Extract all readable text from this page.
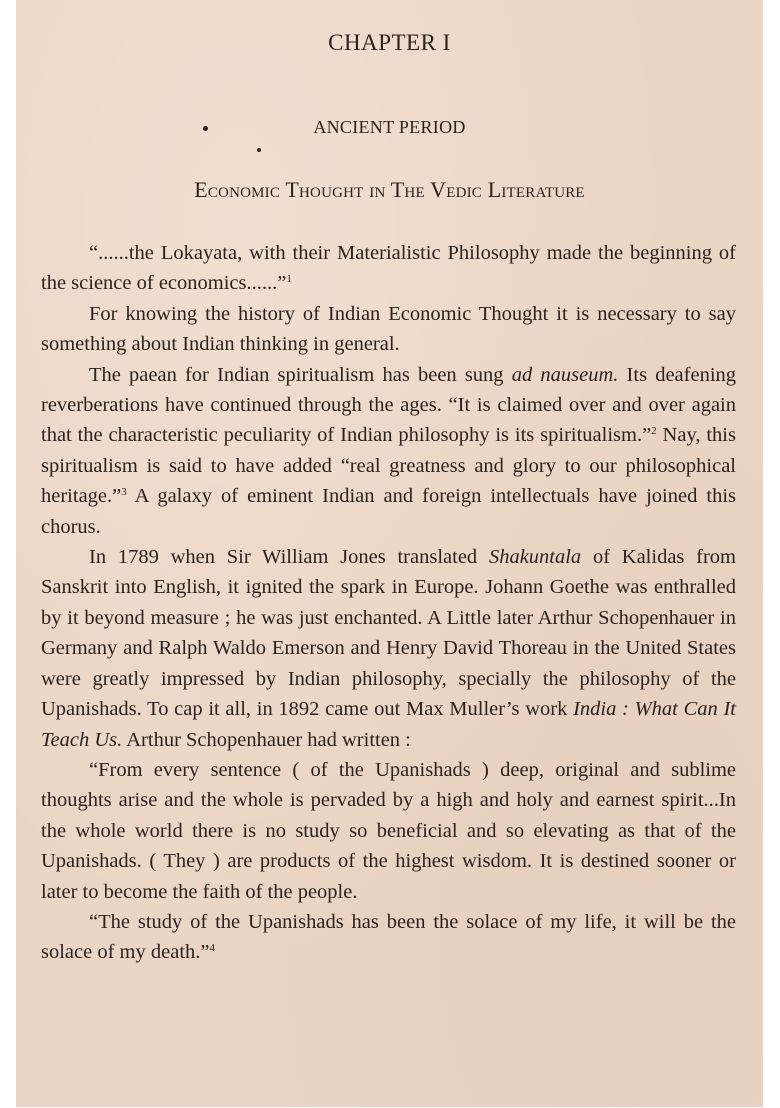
CHAPTER I
ANCIENT PERIOD
Economic Thought in The Vedic Literature

“......the Lokayata, with their Materialistic Philosophy made the beginning of the science of economics......”$^1$

For knowing the history of Indian Economic Thought it is necessary to say something about Indian thinking in general.

The paean for Indian spiritualism has been sung ad nauseum. Its deafening reverberations have continued through the ages. “It is claimed over and over again that the characteristic peculiarity of Indian philosophy is its spiritualism.”$^2$ Nay, this spiritualism is said to have added “real greatness and glory to our philosophical heritage.”$^3$ A galaxy of eminent Indian and foreign intellectuals have joined this chorus.

In 1789 when Sir William Jones translated Shakuntala of Kalidas from Sanskrit into English, it ignited the spark in Europe. Johann Goethe was enthralled by it beyond measure ; he was just enchanted. A Little later Arthur Schopenhauer in Germany and Ralph Waldo Emerson and Henry David Thoreau in the United States were greatly impressed by Indian philosophy, specially the philosophy of the Upanishads. To cap it all, in 1892 came out Max Muller’s work India : What Can It Teach Us. Arthur Schopenhauer had written :

“From every sentence ( of the Upanishads ) deep, original and sublime thoughts arise and the whole is pervaded by a high and holy and earnest spirit...In the whole world there is no study so beneficial and so elevating as that of the Upanishads. ( They ) are products of the highest wisdom. It is destined sooner or later to become the faith of the people.

“The study of the Upanishads has been the solace of my life, it will be the solace of my death.”$^4$
